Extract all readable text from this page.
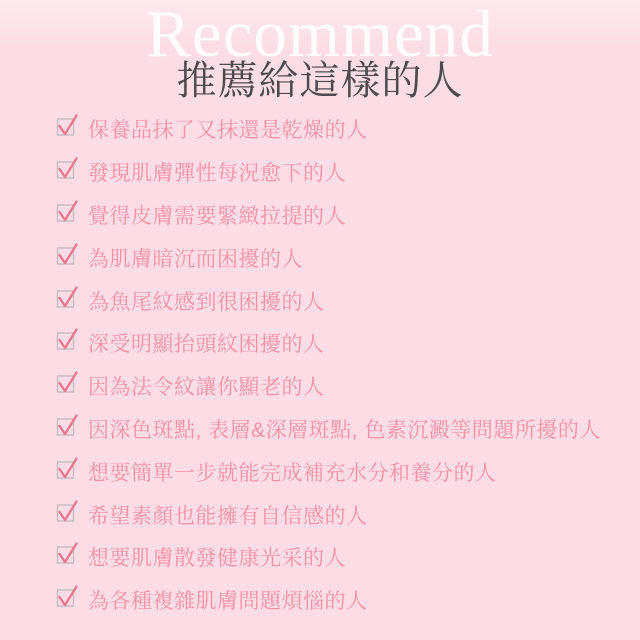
Recommend
推薦給這樣的人
保養品抹了又抹還是乾燥的人
發現肌膚彈性每況愈下的人
覺得皮膚需要緊緻拉提的人
為肌膚暗沉而困擾的人
為魚尾紋感到很困擾的人
深受明顯抬頭紋困擾的人
因為法令紋讓你顯老的人
因深色斑點, 表層&深層斑點, 色素沉澱等問題所擾的人
想要簡單一步就能完成補充水分和養分的人
希望素顏也能擁有自信感的人
想要肌膚散發健康光采的人
為各種複雜肌膚問題煩惱的人
